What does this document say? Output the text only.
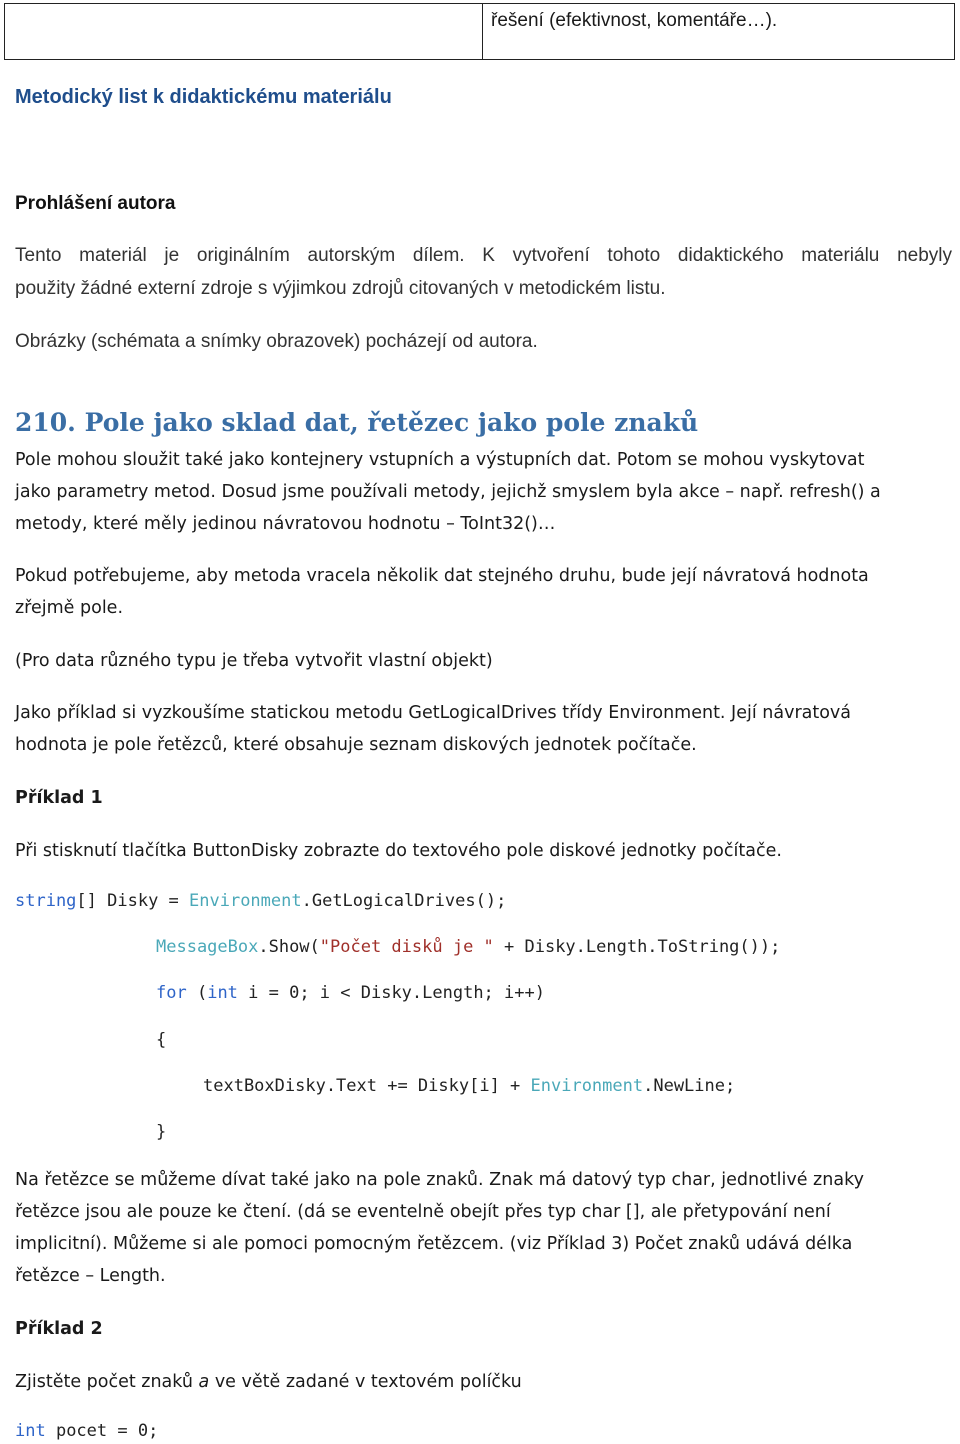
řešení (efektivnost, komentáře…).
Metodický list k didaktickému materiálu
Prohlášení autora
Tento materiál je originálním autorským dílem. K vytvoření tohoto didaktického materiálu nebyly
použity žádné externí zdroje s výjimkou zdrojů citovaných v metodickém listu.
Obrázky (schémata a snímky obrazovek) pocházejí od autora.
210. Pole jako sklad dat, řetězec jako pole znaků
Pole mohou sloužit také jako kontejnery vstupních a výstupních dat. Potom se mohou vyskytovat
jako parametry metod. Dosud jsme používali metody, jejichž smyslem byla akce – např. refresh() a
metody, které měly jedinou návratovou hodnotu – ToInt32()…
Pokud potřebujeme, aby metoda vracela několik dat stejného druhu, bude její návratová hodnota
zřejmě pole.
(Pro data různého typu je třeba vytvořit vlastní objekt)
Jako příklad si vyzkoušíme statickou metodu GetLogicalDrives třídy Environment. Její návratová
hodnota je pole řetězců, které obsahuje seznam diskových jednotek počítače.
Příklad 1
Při stisknutí tlačítka ButtonDisky zobrazte do textového pole diskové jednotky počítače.
string[] Disky = Environment.GetLogicalDrives();
MessageBox.Show("Počet disků je " + Disky.Length.ToString());
for (int i = 0; i < Disky.Length; i++)
{
textBoxDisky.Text += Disky[i] + Environment.NewLine;
}
Na řetězce se můžeme dívat také jako na pole znaků. Znak má datový typ char, jednotlivé znaky
řetězce jsou ale pouze ke čtení. (dá se eventelně obejít přes typ char [], ale přetypování není
implicitní). Můžeme si ale pomoci pomocným řetězcem. (viz Příklad 3) Počet znaků udává délka
řetězce – Length.
Příklad 2
Zjistěte počet znaků a ve větě zadané v textovém políčku
int pocet = 0;
